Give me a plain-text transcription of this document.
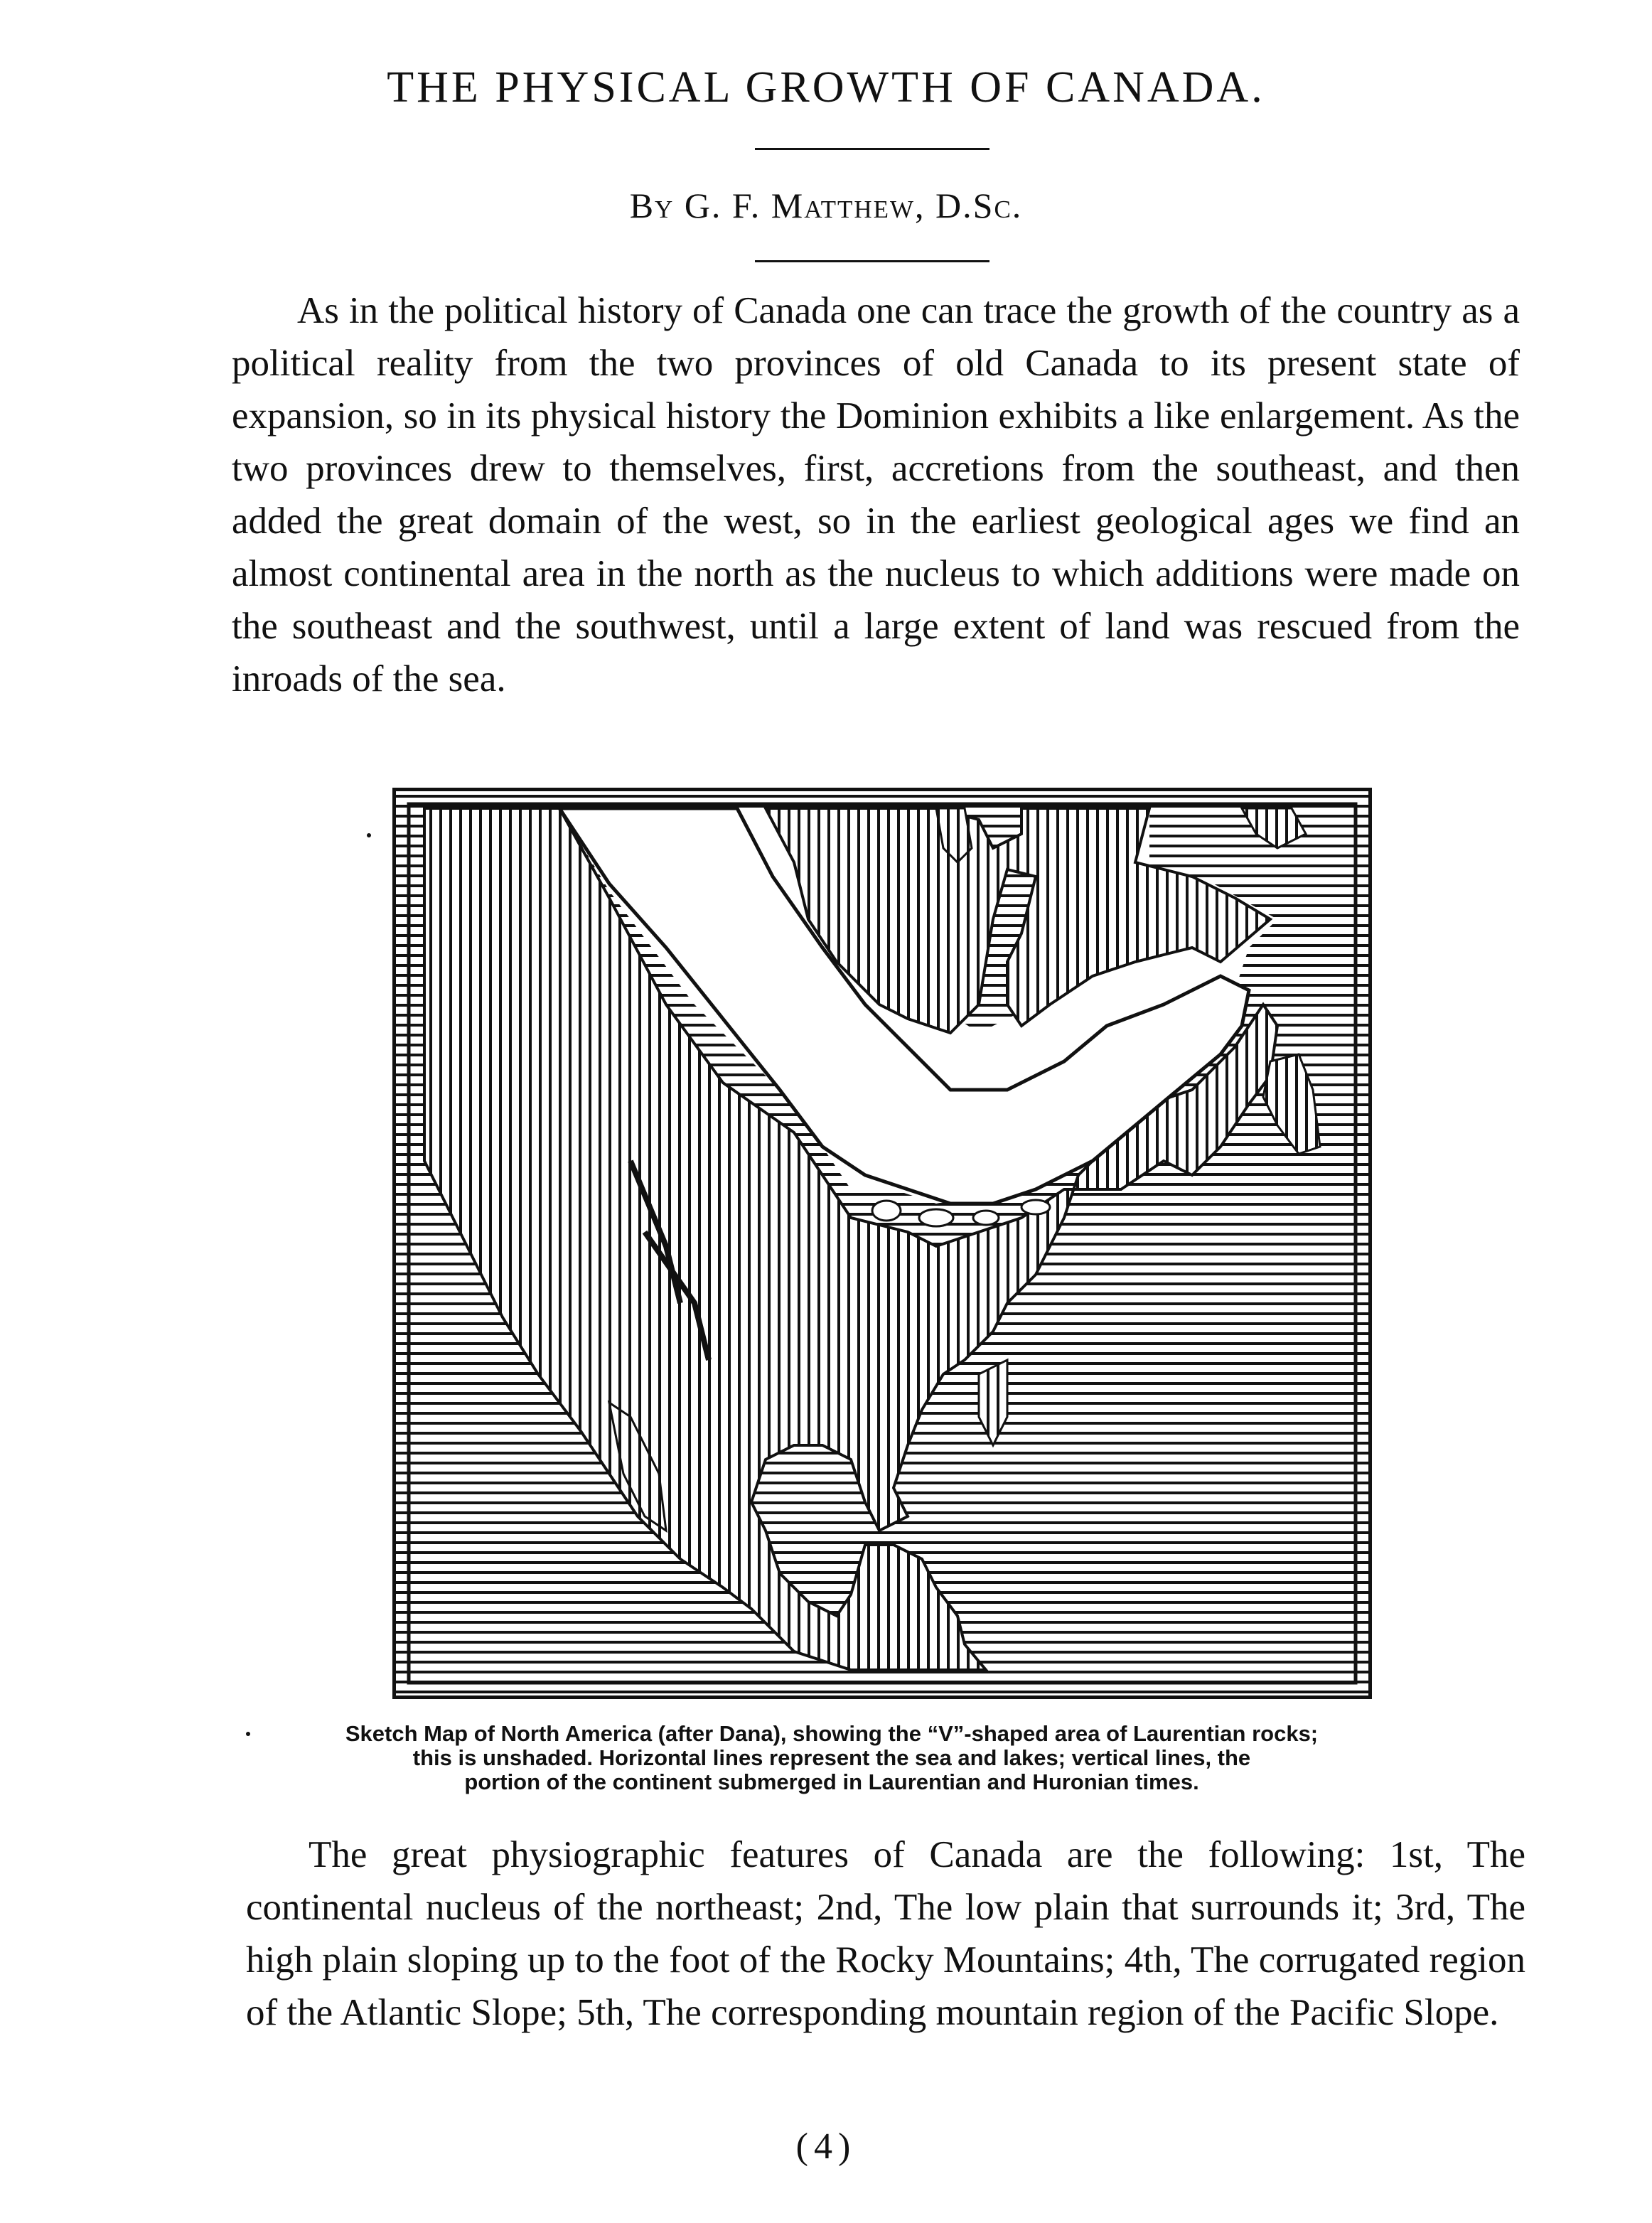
THE PHYSICAL GROWTH OF CANADA.
By G. F. Matthew, D.Sc.

As in the political history of Canada one can trace the growth of the country as a political reality from the two provinces of old Canada to its present state of expansion, so in its physical history the Dominion exhibits a like enlargement. As the two provinces drew to themselves, first, accretions from the southeast, and then added the great domain of the west, so in the earliest geological ages we find an almost continental area in the north as the nucleus to which additions were made on the southeast and the southwest, until a large extent of land was rescued from the inroads of the sea.

Sketch Map of North America (after Dana), showing the “V”-shaped area of Laurentian rocks;
this is unshaded. Horizontal lines represent the sea and lakes; vertical lines, the
portion of the continent submerged in Laurentian and Huronian times.

The great physiographic features of Canada are the following: 1st, The continental nucleus of the northeast; 2nd, The low plain that surrounds it; 3rd, The high plain sloping up to the foot of the Rocky Mountains; 4th, The corrugated region of the Atlantic Slope; 5th, The corresponding mountain region of the Pacific Slope.

(4)
